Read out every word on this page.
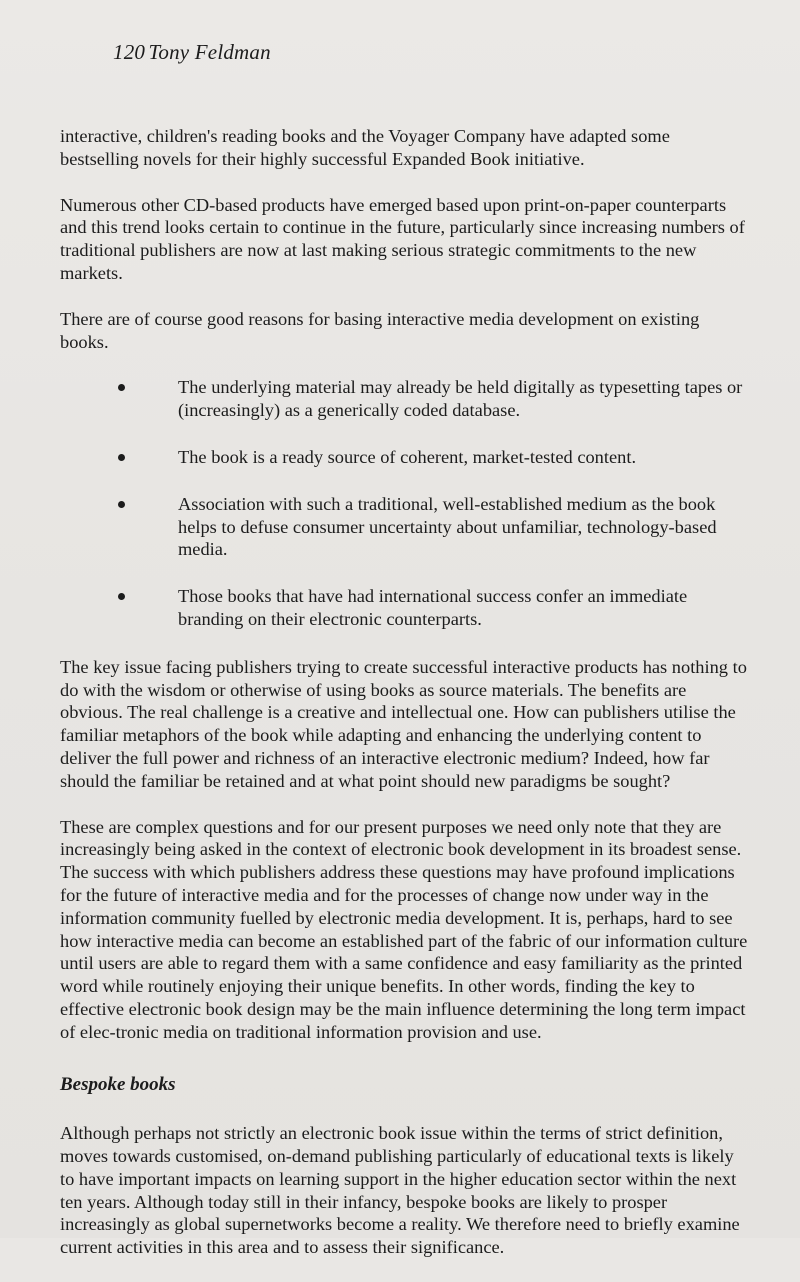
120 Tony Feldman

interactive, children's reading books and the Voyager Company have adapted some bestselling novels for their highly successful Expanded Book initiative.

Numerous other CD-based products have emerged based upon print-on-paper counterparts and this trend looks certain to continue in the future, particularly since increasing numbers of traditional publishers are now at last making serious strategic commitments to the new markets.

There are of course good reasons for basing interactive media development on existing books.

The underlying material may already be held digitally as typesetting tapes or (increasingly) as a generically coded database.
The book is a ready source of coherent, market-tested content.
Association with such a traditional, well-established medium as the book helps to defuse consumer uncertainty about unfamiliar, technology-based media.
Those books that have had international success confer an immediate branding on their electronic counterparts.

The key issue facing publishers trying to create successful interactive products has nothing to do with the wisdom or otherwise of using books as source materials. The benefits are obvious. The real challenge is a creative and intellectual one. How can publishers utilise the familiar metaphors of the book while adapting and enhancing the underlying content to deliver the full power and richness of an interactive electronic medium? Indeed, how far should the familiar be retained and at what point should new paradigms be sought?

These are complex questions and for our present purposes we need only note that they are increasingly being asked in the context of electronic book development in its broadest sense. The success with which publishers address these questions may have profound implications for the future of interactive media and for the processes of change now under way in the information community fuelled by electronic media development. It is, perhaps, hard to see how interactive media can become an established part of the fabric of our information culture until users are able to regard them with a same confidence and easy familiarity as the printed word while routinely enjoying their unique benefits. In other words, finding the key to effective electronic book design may be the main influence determining the long term impact of elec-tronic media on traditional information provision and use.

Bespoke books

Although perhaps not strictly an electronic book issue within the terms of strict definition, moves towards customised, on-demand publishing particularly of educational texts is likely to have important impacts on learning support in the higher education sector within the next ten years. Although today still in their infancy, bespoke books are likely to prosper increasingly as global supernetworks become a reality. We therefore need to briefly examine current activities in this area and to assess their significance.
